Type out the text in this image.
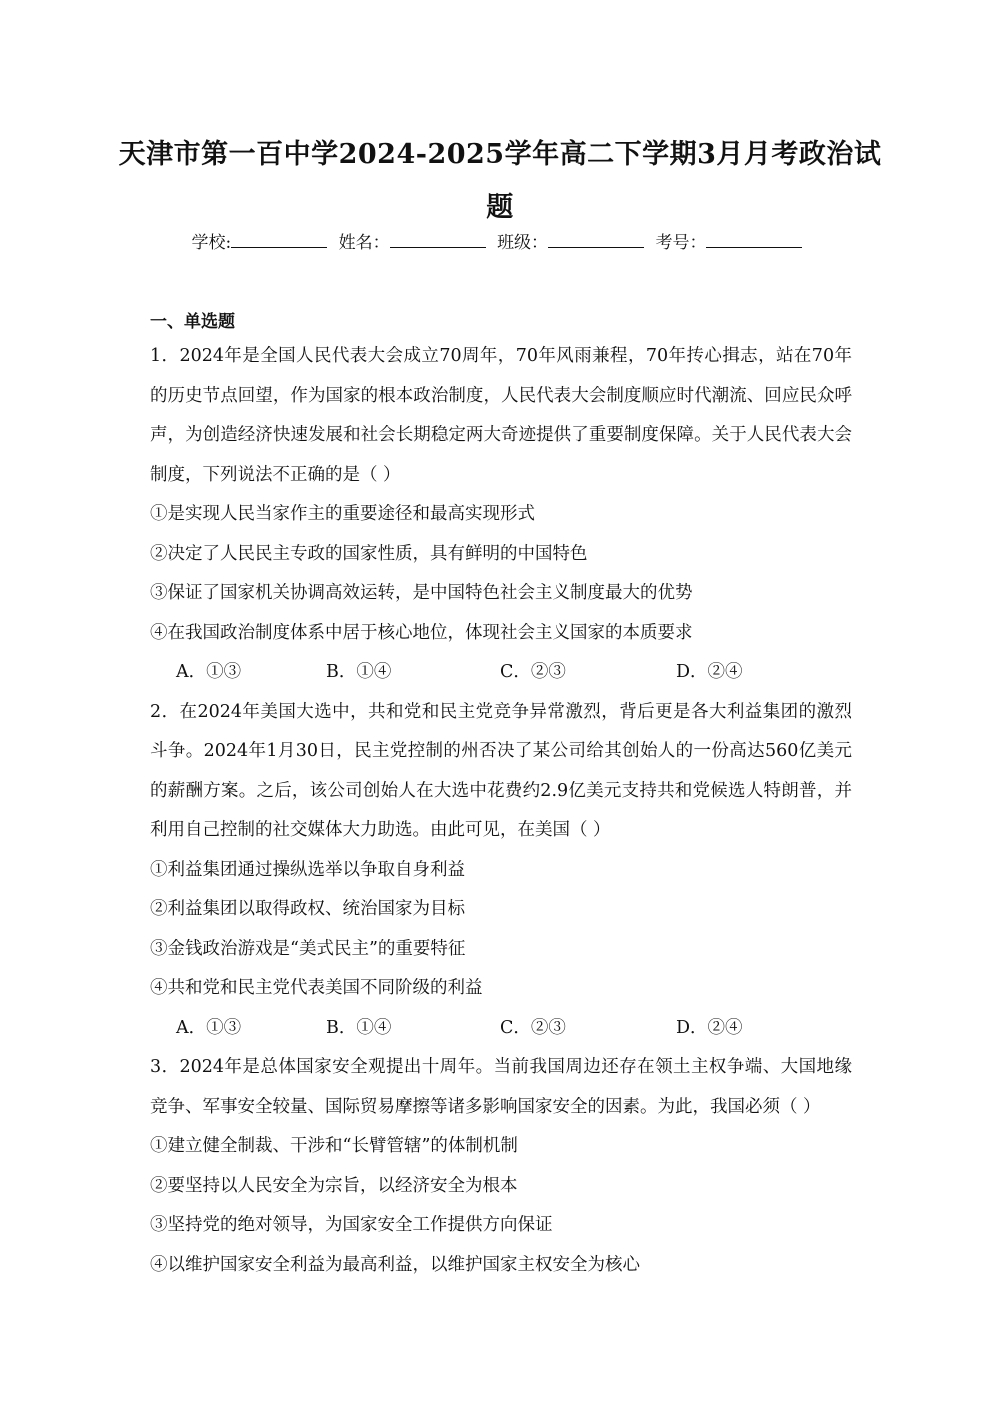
天津市第一百中学2024-2025学年高二下学期3月月考政治试
题
学校:	姓名：	班级：	考号：
一、单选题

1．2024年是全国人民代表大会成立70周年，70年风雨兼程，70年抟心揖志，站在70年的历史节点回望，作为国家的根本政治制度，人民代表大会制度顺应时代潮流、回应民众呼声，为创造经济快速发展和社会长期稳定两大奇迹提供了重要制度保障。关于人民代表大会制度，下列说法不正确的是（ ）

①是实现人民当家作主的重要途径和最高实现形式

②决定了人民民主专政的国家性质，具有鲜明的中国特色

③保证了国家机关协调高效运转，是中国特色社会主义制度最大的优势

④在我国政治制度体系中居于核心地位，体现社会主义国家的本质要求

A．①③	B．①④	C．②③	D．②④

2．在2024年美国大选中，共和党和民主党竞争异常激烈，背后更是各大利益集团的激烈斗争。2024年1月30日，民主党控制的州否决了某公司给其创始人的一份高达560亿美元的薪酬方案。之后，该公司创始人在大选中花费约2.9亿美元支持共和党候选人特朗普，并利用自己控制的社交媒体大力助选。由此可见，在美国（ ）

①利益集团通过操纵选举以争取自身利益

②利益集团以取得政权、统治国家为目标

③金钱政治游戏是“美式民主”的重要特征

④共和党和民主党代表美国不同阶级的利益

A．①③	B．①④	C．②③	D．②④

3．2024年是总体国家安全观提出十周年。当前我国周边还存在领土主权争端、大国地缘竞争、军事安全较量、国际贸易摩擦等诸多影响国家安全的因素。为此，我国必须（ ）

①建立健全制裁、干涉和“长臂管辖”的体制机制

②要坚持以人民安全为宗旨，以经济安全为根本

③坚持党的绝对领导，为国家安全工作提供方向保证

④以维护国家安全利益为最高利益，以维护国家主权安全为核心
